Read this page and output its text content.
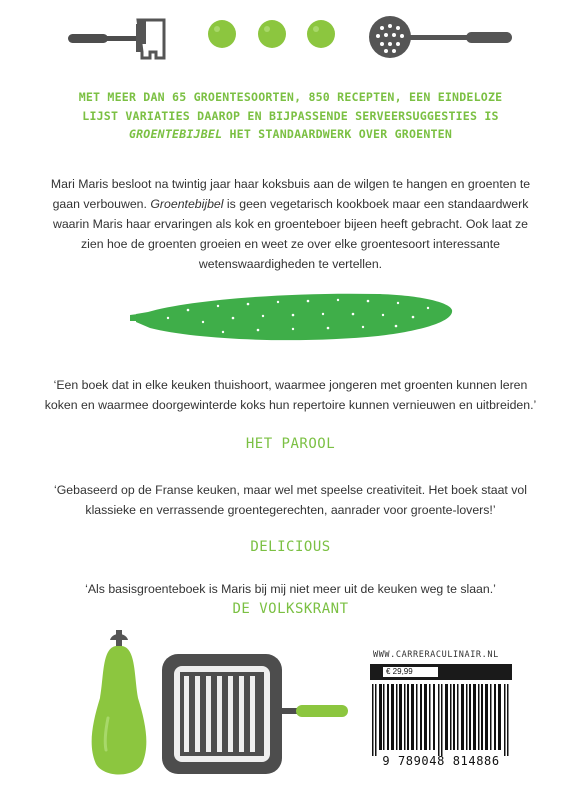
MET MEER DAN 65 GROENTESOORTEN, 850 RECEPTEN, EEN EINDELOZE
LIJST VARIATIES DAAROP EN BIJPASSENDE SERVEERSUGGESTIES IS
GROENTEBIJBEL HET STANDAARDWERK OVER GROENTEN
Mari Maris besloot na twintig jaar haar koksbuis aan de wilgen te hangen en groenten te gaan verbouwen. Groentebijbel is geen vegetarisch kookboek maar een standaardwerk waarin Maris haar ervaringen als kok en groenteboer bijeen heeft gebracht. Ook laat ze zien hoe de groenten groeien en weet ze over elke groentesoort interessante wetenswaardigheden te vertellen.
‘Een boek dat in elke keuken thuishoort, waarmee jongeren met groenten kunnen leren koken en waarmee doorgewinterde koks hun repertoire kunnen vernieuwen en uitbreiden.’
HET PAROOL
‘Gebaseerd op de Franse keuken, maar wel met speelse creativiteit. Het boek staat vol klassieke en verrassende groentegerechten, aanrader voor groente-lovers!’
DELICIOUS
‘Als basisgroenteboek is Maris bij mij niet meer uit de keuken weg te slaan.’
DE VOLKSKRANT
WWW.CARRERACULINAIR.NL
€ 29,99
9 789048 814886
